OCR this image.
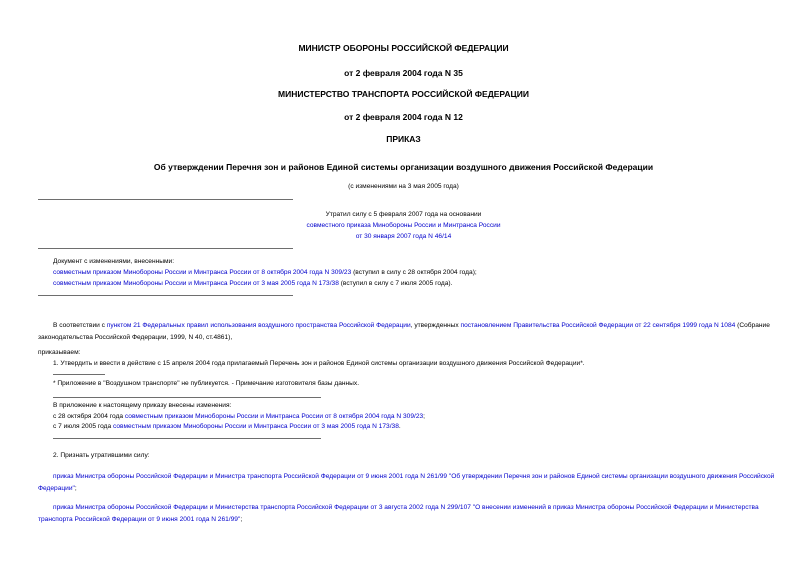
МИНИСТР ОБОРОНЫ РОССИЙСКОЙ ФЕДЕРАЦИИ
от 2 февраля 2004 года N 35
МИНИСТЕРСТВО ТРАНСПОРТА РОССИЙСКОЙ ФЕДЕРАЦИИ
от 2 февраля 2004 года N 12
ПРИКАЗ
Об утверждении Перечня зон и районов Единой системы организации воздушного движения Российской Федерации
(с изменениями на 3 мая 2005 года)
Утратил силу с 5 февраля 2007 года на основании
совместного приказа Минобороны России и Минтранса России
от 30 января 2007 года N 46/14
Документ с изменениями, внесенными:
совместным приказом Минобороны России и Минтранса России от 8 октября 2004 года N 309/23 (вступил в силу с 28 октября 2004 года);
совместным приказом Минобороны России и Минтранса России от 3 мая 2005 года N 173/38 (вступил в силу с 7 июля 2005 года).
В соответствии с пунктом 21 Федеральных правил использования воздушного пространства Российской Федерации, утвержденных постановлением Правительства Российской Федерации от 22 сентября 1999 года N 1084 (Собрание законодательства Российской Федерации, 1999, N 40, ст.4861),
приказываем:
1. Утвердить и ввести в действие с 15 апреля 2004 года прилагаемый Перечень зон и районов Единой системы организации воздушного движения Российской Федерации*.
* Приложение в "Воздушном транспорте" не публикуется. - Примечание изготовителя базы данных.
В приложение к настоящему приказу внесены изменения:
с 28 октября 2004 года совместным приказом Минобороны России и Минтранса России от 8 октября 2004 года N 309/23;
с 7 июля 2005 года совместным приказом Минобороны России и Минтранса России от 3 мая 2005 года N 173/38.
2. Признать утратившими силу:
приказ Министра обороны Российской Федерации и Министра транспорта Российской Федерации от 9 июня 2001 года N 261/99 "Об утверждении Перечня зон и районов Единой системы организации воздушного движения Российской Федерации";
приказ Министра обороны Российской Федерации и Министерства транспорта Российской Федерации от 3 августа 2002 года N 299/107 "О внесении изменений в приказ Министра обороны Российской Федерации и Министерства транспорта Российской Федерации от 9 июня 2001 года N 261/99";
